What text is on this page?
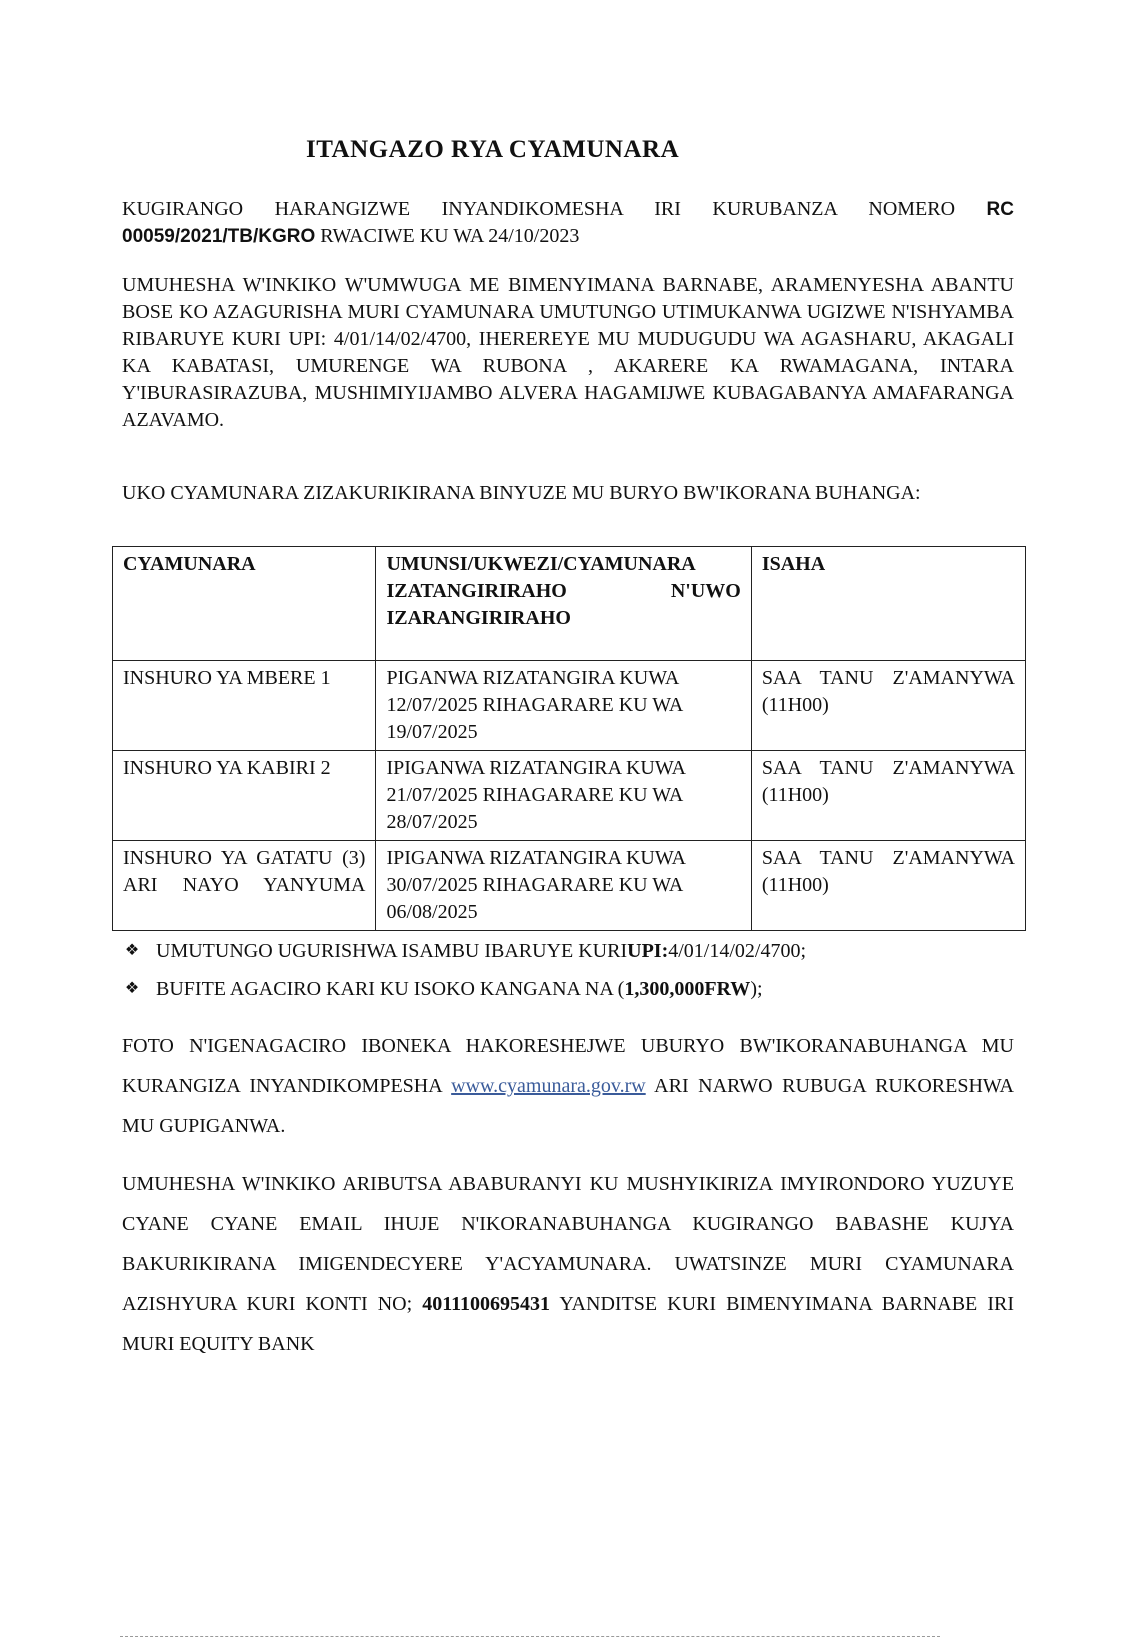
ITANGAZO RYA CYAMUNARA

KUGIRANGO HARANGIZWE INYANDIKOMESHA IRI KURUBANZA NOMERO RC 00059/2021/TB/KGRO RWACIWE KU WA 24/10/2023

UMUHESHA W'INKIKO W'UMWUGA ME BIMENYIMANA BARNABE, ARAMENYESHA ABANTU BOSE KO AZAGURISHA MURI CYAMUNARA UMUTUNGO UTIMUKANWA UGIZWE N'ISHYAMBA RIBARUYE KURI UPI: 4/01/14/02/4700, IHEREREYE MU MUDUGUDU WA AGASHARU, AKAGALI KA KABATASI, UMURENGE WA RUBONA , AKARERE KA RWAMAGANA, INTARA Y'IBURASIRAZUBA, MUSHIMIYIJAMBO ALVERA HAGAMIJWE KUBAGABANYA AMAFARANGA AZAVAMO.

UKO CYAMUNARA ZIZAKURIKIRANA BINYUZE MU BURYO BW'IKORANA BUHANGA:

CYAMUNARA	UMUNSI/UKWEZI/CYAMUNARA IZATANGIRIRAHO N'UWO IZARANGIRIRAHO	ISAHA
INSHURO YA MBERE 1	PIGANWA RIZATANGIRA KUWA 12/07/2025 RIHAGARARE KU WA 19/07/2025	SAA TANU Z'AMANYWA (11H00)

INSHURO YA KABIRI 2	IPIGANWA RIZATANGIRA KUWA 21/07/2025 RIHAGARARE KU WA 28/07/2025	SAA TANU Z'AMANYWA (11H00)

INSHURO YA GATATU (3) ARI NAYO YANYUMA	IPIGANWA RIZATANGIRA KUWA 30/07/2025 RIHAGARARE KU WA 06/08/2025	SAA TANU Z'AMANYWA (11H00)
❖ UMUTUNGO UGURISHWA ISAMBU IBARUYE KURI UPI: 4/01/14/02/4700;
❖ BUFITE AGACIRO KARI KU ISOKO KANGANA NA ( 1,300,000FRW );

FOTO N'IGENAGACIRO IBONEKA HAKORESHEJWE UBURYO BW'IKORANABUHANGA MU KURANGIZA INYANDIKOMPESHA www.cyamunara.gov.rw ARI NARWO RUBUGA RUKORESHWA MU GUPIGANWA.

UMUHESHA W'INKIKO ARIBUTSA ABABURANYI KU MUSHYIKIRIZA IMYIRONDORO YUZUYE CYANE CYANE EMAIL IHUJE N'IKORANABUHANGA KUGIRANGO BABASHE KUJYA BAKURIKIRANA IMIGENDECYERE Y'ACYAMUNARA. UWATSINZE MURI CYAMUNARA AZISHYURA KURI KONTI NO; 4011100695431 YANDITSE KURI BIMENYIMANA BARNABE IRI MURI EQUITY BANK
